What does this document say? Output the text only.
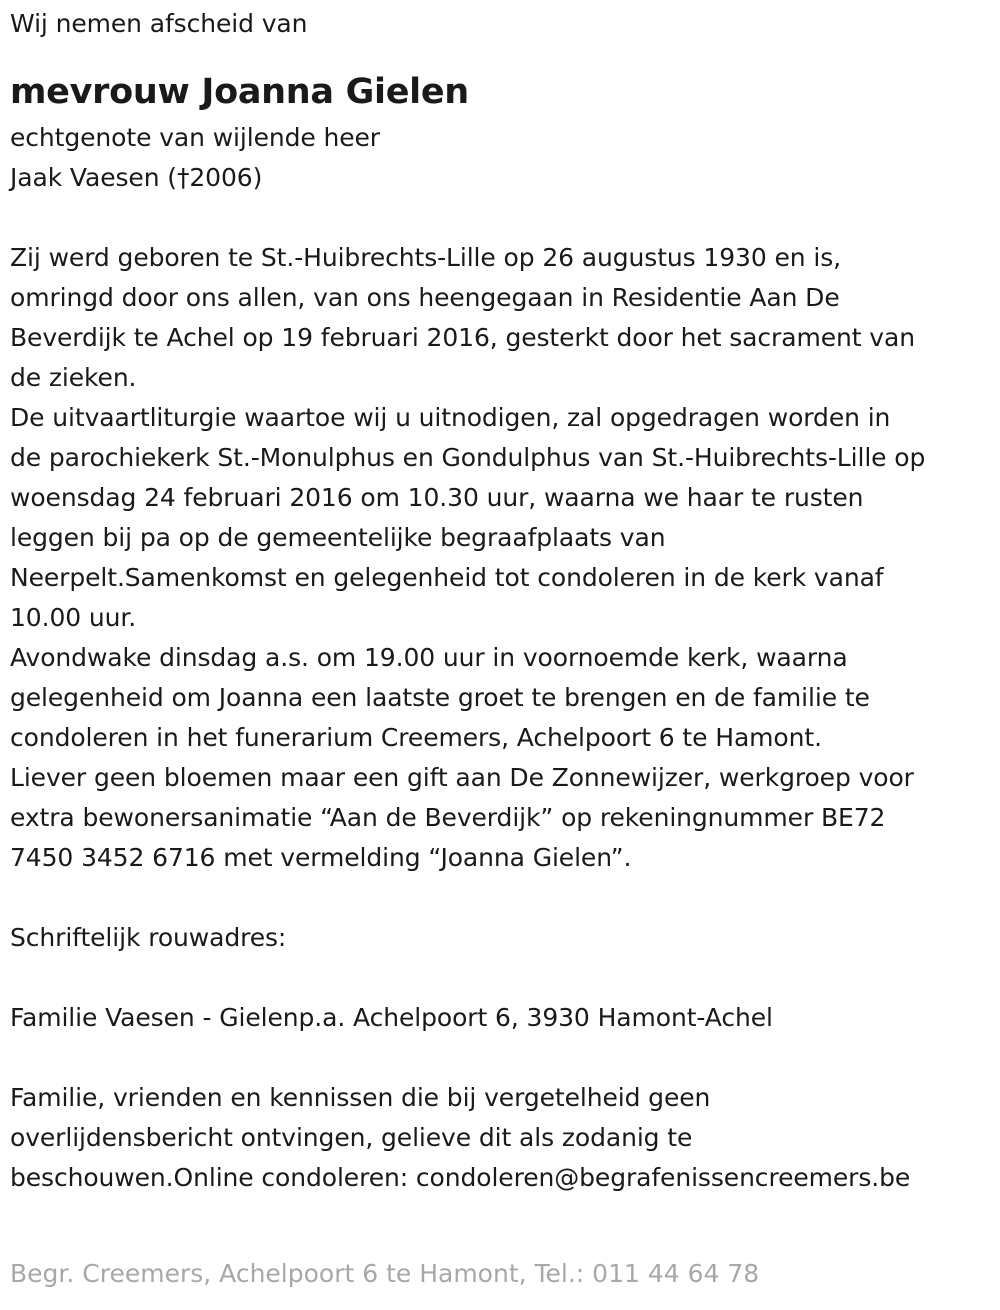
Wij nemen afscheid van
mevrouw Joanna Gielen
echtgenote van wijlende heer
Jaak Vaesen (†2006)
Zij werd geboren te St.-Huibrechts-Lille op 26 augustus 1930 en is,
omringd door ons allen, van ons heengegaan in Residentie Aan De
Beverdijk te Achel op 19 februari 2016, gesterkt door het sacrament van
de zieken.
De uitvaartliturgie waartoe wij u uitnodigen, zal opgedragen worden in
de parochiekerk St.-Monulphus en Gondulphus van St.-Huibrechts-Lille op
woensdag 24 februari 2016 om 10.30 uur, waarna we haar te rusten
leggen bij pa op de gemeentelijke begraafplaats van
Neerpelt.Samenkomst en gelegenheid tot condoleren in de kerk vanaf
10.00 uur.
Avondwake dinsdag a.s. om 19.00 uur in voornoemde kerk, waarna
gelegenheid om Joanna een laatste groet te brengen en de familie te
condoleren in het funerarium Creemers, Achelpoort 6 te Hamont.
Liever geen bloemen maar een gift aan De Zonnewijzer, werkgroep voor
extra bewonersanimatie “Aan de Beverdijk” op rekeningnummer BE72
7450 3452 6716 met vermelding “Joanna Gielen”.
Schriftelijk rouwadres:
Familie Vaesen - Gielenp.a. Achelpoort 6, 3930 Hamont-Achel
Familie, vrienden en kennissen die bij vergetelheid geen
overlijdensbericht ontvingen, gelieve dit als zodanig te
beschouwen.Online condoleren: condoleren@begrafenissencreemers.be
Begr. Creemers, Achelpoort 6 te Hamont, Tel.: 011 44 64 78
